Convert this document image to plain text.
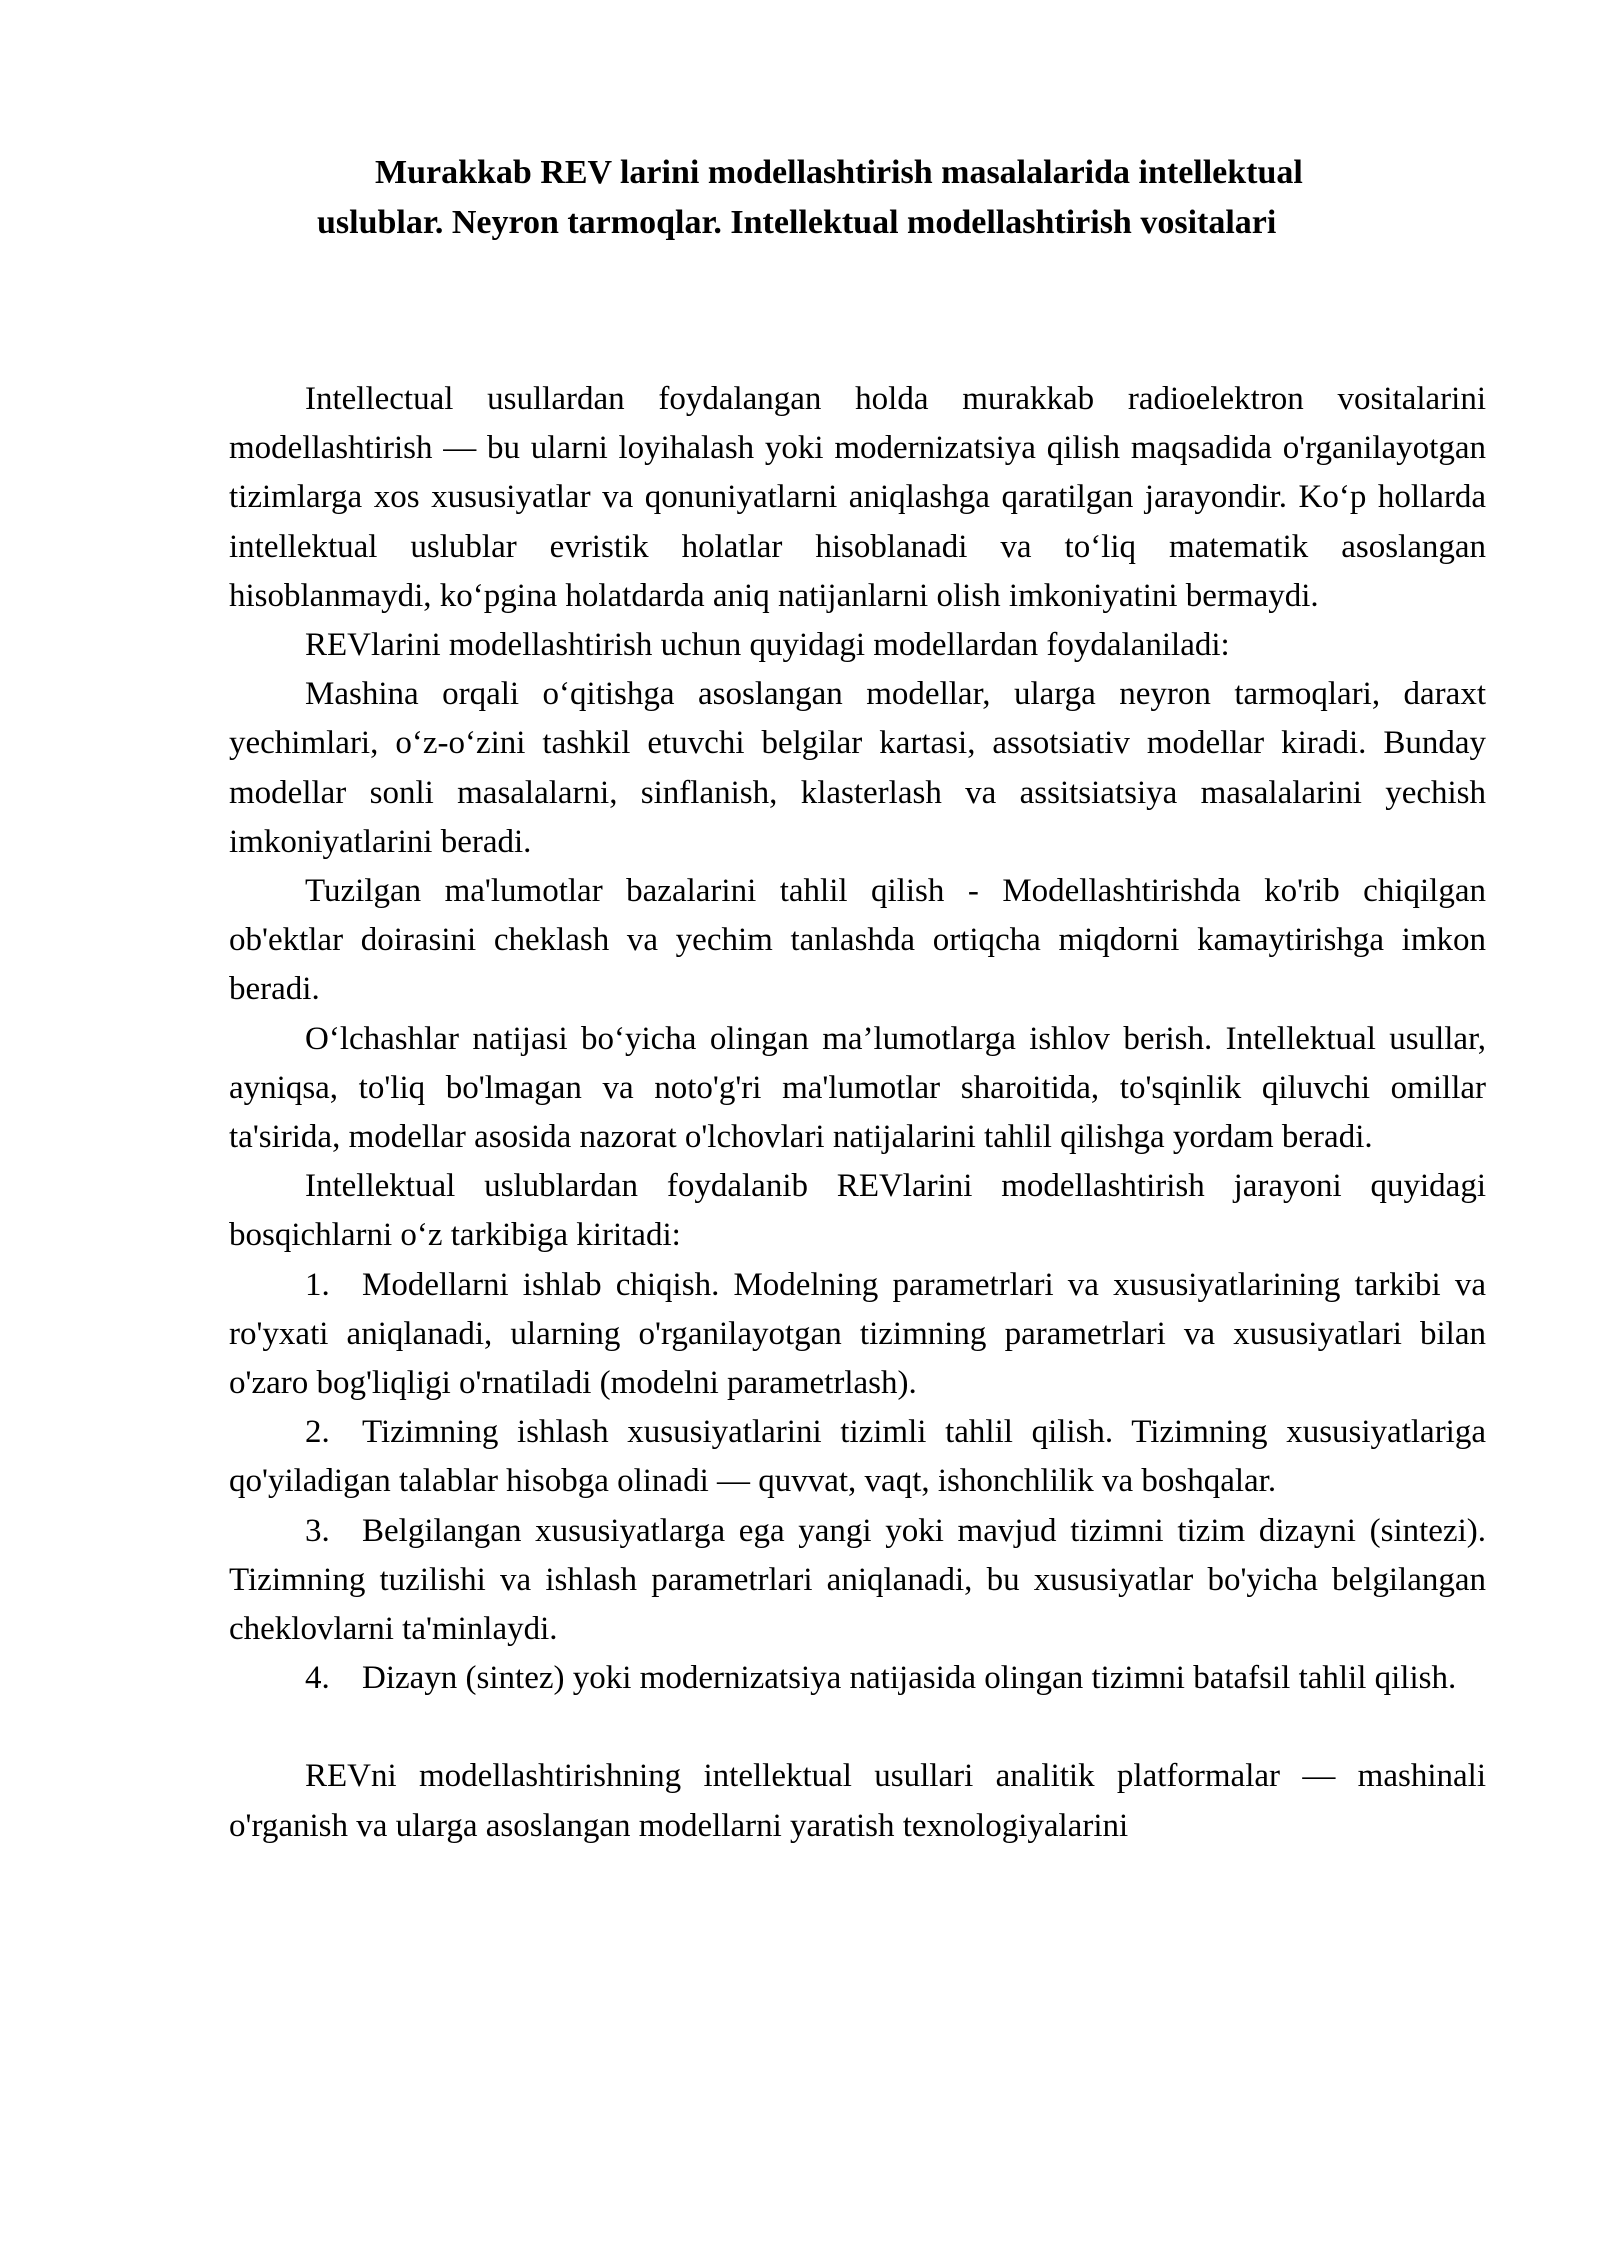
Murakkab REV larini modellashtirish masalalarida intellektual
uslublar. Neyron tarmoqlar. Intellektual modellashtirish vositalari

Intellectual usullardan foydalangan holda murakkab radioelektron vositalarini modellashtirish — bu ularni loyihalash yoki modernizatsiya qilish maqsadida o'rganilayotgan tizimlarga xos xususiyatlar va qonuniyatlarni aniqlashga qaratilgan jarayondir. Ko‘p hollarda intellektual uslublar evristik holatlar hisoblanadi va to‘liq matematik asoslangan hisoblanmaydi, ko‘pgina holatdarda aniq natijanlarni olish imkoniyatini bermaydi.

REVlarini modellashtirish uchun quyidagi modellardan foydalaniladi:

Mashina orqali o‘qitishga asoslangan modellar, ularga neyron tarmoqlari, daraxt yechimlari, o‘z-o‘zini tashkil etuvchi belgilar kartasi, assotsiativ modellar kiradi. Bunday modellar sonli masalalarni, sinflanish, klasterlash va assitsiatsiya masalalarini yechish imkoniyatlarini beradi.

Tuzilgan ma'lumotlar bazalarini tahlil qilish - Modellashtirishda ko'rib chiqilgan ob'ektlar doirasini cheklash va yechim tanlashda ortiqcha miqdorni kamaytirishga imkon beradi.

O‘lchashlar natijasi bo‘yicha olingan ma’lumotlarga ishlov berish. Intellektual usullar, ayniqsa, to'liq bo'lmagan va noto'g'ri ma'lumotlar sharoitida, to'sqinlik qiluvchi omillar ta'sirida, modellar asosida nazorat o'lchovlari natijalarini tahlil qilishga yordam beradi.

Intellektual uslublardan foydalanib REVlarini modellashtirish jarayoni quyidagi bosqichlarni o‘z tarkibiga kiritadi:

1. Modellarni ishlab chiqish. Modelning parametrlari va xususiyatlarining tarkibi va ro'yxati aniqlanadi, ularning o'rganilayotgan tizimning parametrlari va xususiyatlari bilan o'zaro bog'liqligi o'rnatiladi (modelni parametrlash).

2. Tizimning ishlash xususiyatlarini tizimli tahlil qilish. Tizimning xususiyatlariga qo'yiladigan talablar hisobga olinadi — quvvat, vaqt, ishonchlilik va boshqalar.

3. Belgilangan xususiyatlarga ega yangi yoki mavjud tizimni tizim dizayni (sintezi). Tizimning tuzilishi va ishlash parametrlari aniqlanadi, bu xususiyatlar bo'yicha belgilangan cheklovlarni ta'minlaydi.

4. Dizayn (sintez) yoki modernizatsiya natijasida olingan tizimni batafsil tahlil qilish.

REVni modellashtirishning intellektual usullari analitik platformalar — mashinali o'rganish va ularga asoslangan modellarni yaratish texnologiyalarini
